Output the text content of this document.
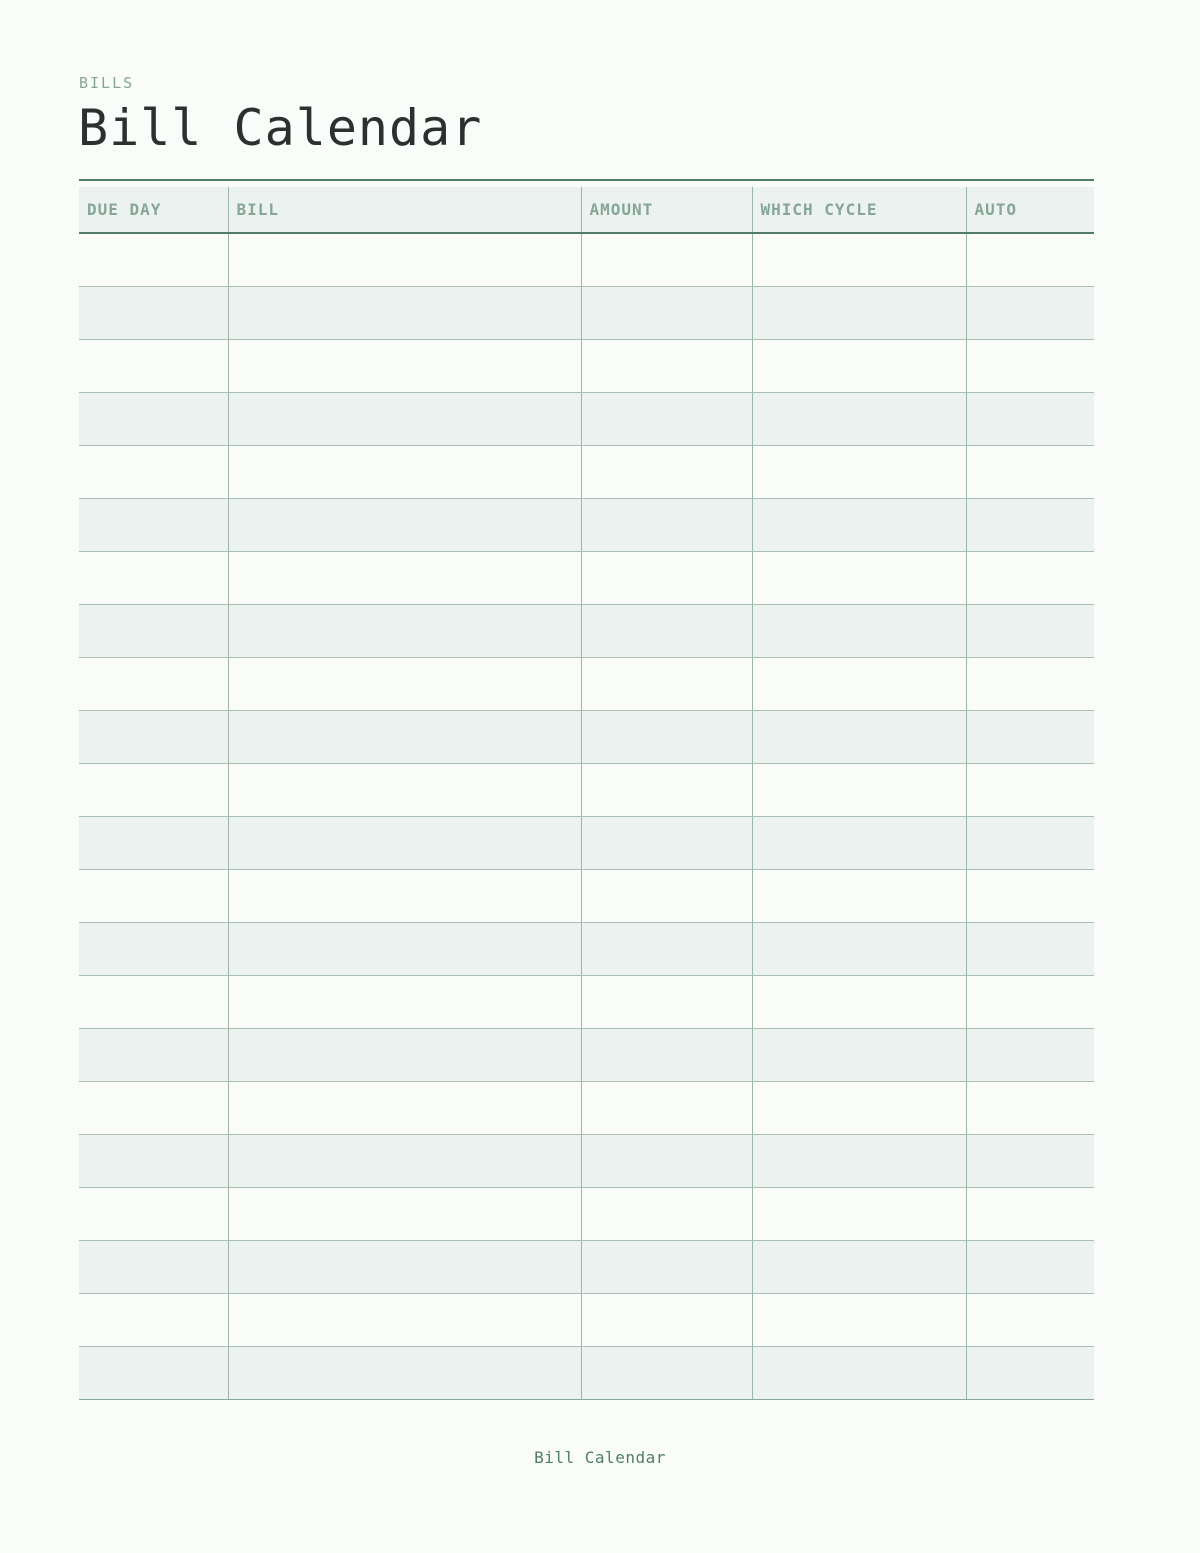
BILLS
Bill Calendar
DUE DAY	BILL	AMOUNT	WHICH CYCLE	AUTO

Bill Calendar
